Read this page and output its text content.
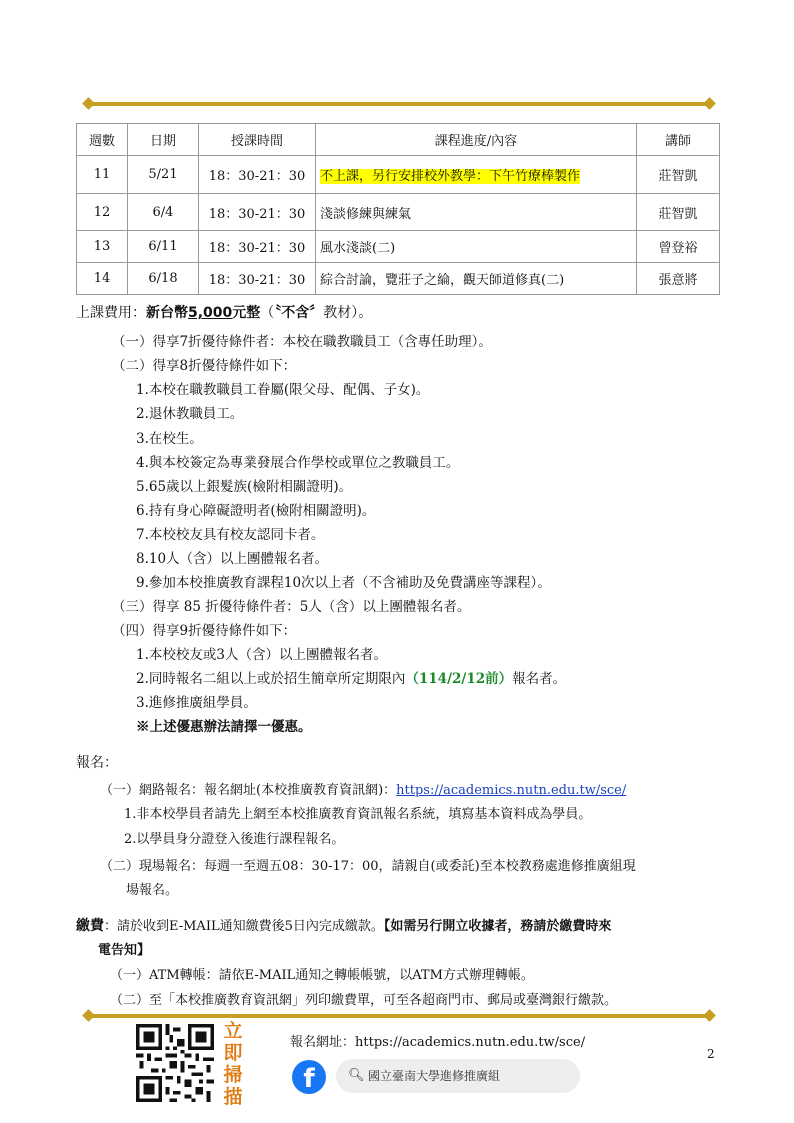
週數	日期	授課時間	課程進度/內容	講師
11	5/21	18：30-21：30	不上課，另行安排校外教學：下午竹療棒製作	莊智凱
12	6/4	18：30-21：30	淺談修練與練氣	莊智凱
13	6/11	18：30-21：30	風水淺談(二)	曾登裕
14	6/18	18：30-21：30	綜合討論，覽莊子之綸，觀天師道修真(二)	張意將
上課費用：新台幣5,000元整（〝不含〞教材）。
（一）得享7折優待條件者：本校在職教職員工（含專任助理）。
（二）得享8折優待條件如下：
1.本校在職教職員工眷屬(限父母、配偶、子女)。
2.退休教職員工。
3.在校生。
4.與本校簽定為專業發展合作學校或單位之教職員工。
5.65歲以上銀髮族(檢附相關證明)。
6.持有身心障礙證明者(檢附相關證明)。
7.本校校友具有校友認同卡者。
8.10人（含）以上團體報名者。
9.參加本校推廣教育課程10次以上者（不含補助及免費講座等課程）。
（三）得享 85 折優待條件者：5人（含）以上團體報名者。
（四）得享9折優待條件如下：
1.本校校友或3人（含）以上團體報名者。
2.同時報名二組以上或於招生簡章所定期限內（114/2/12前）報名者。
3.進修推廣組學員。
※上述優惠辦法請擇一優惠。
報名：
（一）網路報名：報名網址(本校推廣教育資訊網)：https://academics.nutn.edu.tw/sce/
1.非本校學員者請先上網至本校推廣教育資訊報名系統，填寫基本資料成為學員。
2.以學員身分證登入後進行課程報名。
（二）現場報名：每週一至週五08：30-17：00，請親自(或委託)至本校教務處進修推廣組現
場報名。
繳費：請於收到E-MAIL通知繳費後5日內完成繳款。【如需另行開立收據者，務請於繳費時來
電告知】
（一）ATM轉帳：請依E-MAIL通知之轉帳帳號，以ATM方式辦理轉帳。
（二）至「本校推廣教育資訊網」列印繳費單，可至各超商門市、郵局或臺灣銀行繳款。
立
即
掃
描
報名網址：https://academics.nutn.edu.tw/sce/
f	🔍︎ 國立臺南大學進修推廣組
2
